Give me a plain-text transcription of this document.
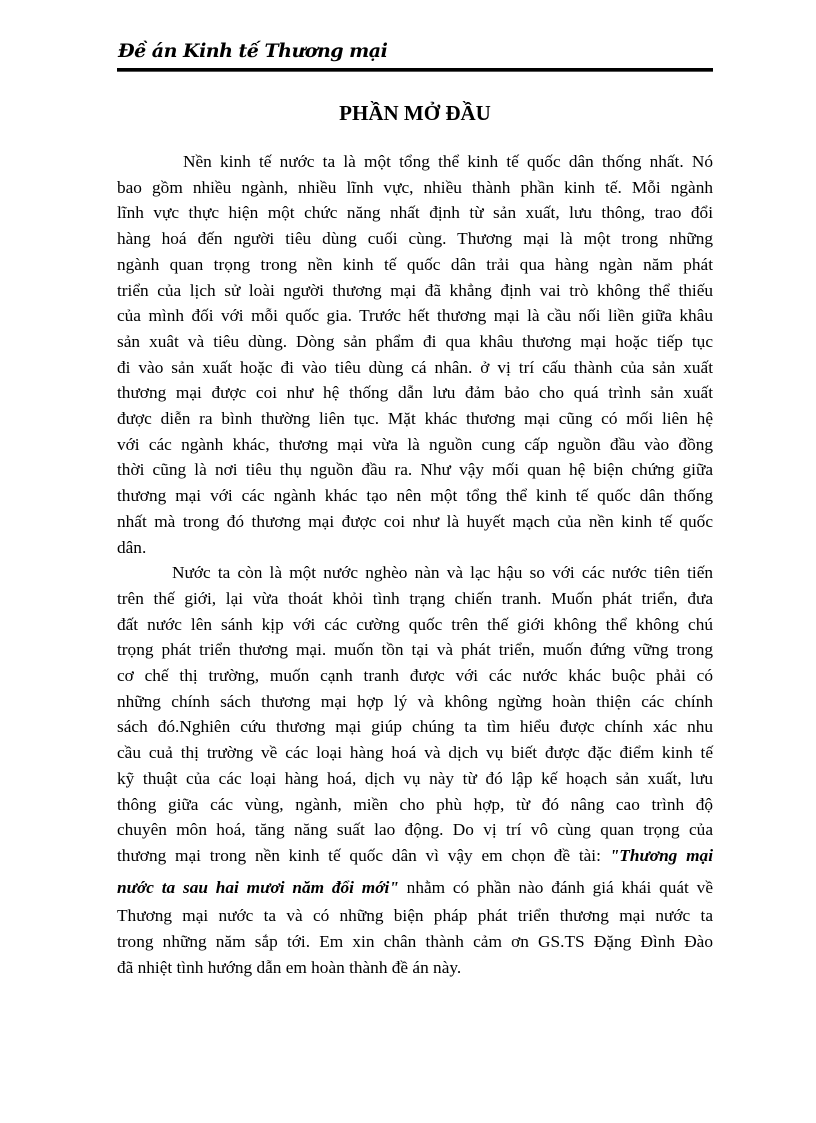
Đề án Kinh tế Thương mại
PHẦN MỞ ĐẦU
Nền kinh tế nước ta là một tổng thể kinh tế quốc dân thống nhất. Nó
bao gồm nhiều ngành, nhiều lĩnh vực, nhiều thành phần kinh tế. Mỗi ngành
lĩnh vực thực hiện một chức năng nhất định từ sản xuất, lưu thông, trao đổi
hàng hoá đến người tiêu dùng cuối cùng. Thương mại là một trong những
ngành quan trọng trong nền kinh tế quốc dân trải qua hàng ngàn năm phát
triển của lịch sử loài người thương mại đã khẳng định vai trò không thể thiếu
của mình đối với mỗi quốc gia. Trước hết thương mại là cầu nối liền giữa khâu
sản xuât và tiêu dùng. Dòng sản phẩm đi qua khâu thương mại hoặc tiếp tục
đi vào sản xuất hoặc đi vào tiêu dùng cá nhân. ở vị trí cấu thành của sản xuất
thương mại được coi như hệ thống dẫn lưu đảm bảo cho quá trình sản xuất
được diễn ra bình thường liên tục. Mặt khác thương mại cũng có mối liên hệ
với các ngành khác, thương mại vừa là nguồn cung cấp nguồn đầu vào đồng
thời cũng là nơi tiêu thụ nguồn đầu ra. Như vậy mối quan hệ biện chứng giữa
thương mại với các ngành khác tạo nên một tổng thể kinh tế quốc dân thống
nhất mà trong đó thương mại được coi như là huyết mạch của nền kinh tế quốc
dân.
Nước ta còn là một nước nghèo nàn và lạc hậu so với các nước tiên tiến
trên thế giới, lại vừa thoát khỏi tình trạng chiến tranh. Muốn phát triển, đưa
đất nước lên sánh kịp với các cường quốc trên thế giới không thể không chú
trọng phát triển thương mại. muốn tồn tại và phát triển, muốn đứng vững trong
cơ chế thị trường, muốn cạnh tranh được với các nước khác buộc phải có
những chính sách thương mại hợp lý và không ngừng hoàn thiện các chính
sách đó.Nghiên cứu thương mại giúp chúng ta tìm hiểu được chính xác nhu
cầu cuả thị trường về các loại hàng hoá và dịch vụ biết được đặc điểm kinh tế
kỹ thuật của các loại hàng hoá, dịch vụ này từ đó lập kế hoạch sản xuất, lưu
thông giữa các vùng, ngành, miền cho phù hợp, từ đó nâng cao trình độ
chuyên môn hoá, tăng năng suất lao động. Do vị trí vô cùng quan trọng của
thương mại trong nền kinh tế quốc dân vì vậy em chọn đề tài: "Thương mại
nước ta sau hai mươi năm đổi mới" nhằm có phần nào đánh giá khái quát về
Thương mại nước ta và có những biện pháp phát triển thương mại nước ta
trong những năm sắp tới. Em xin chân thành cảm ơn GS.TS Đặng Đình Đào
đã nhiệt tình hướng dẫn em hoàn thành đề án này.
